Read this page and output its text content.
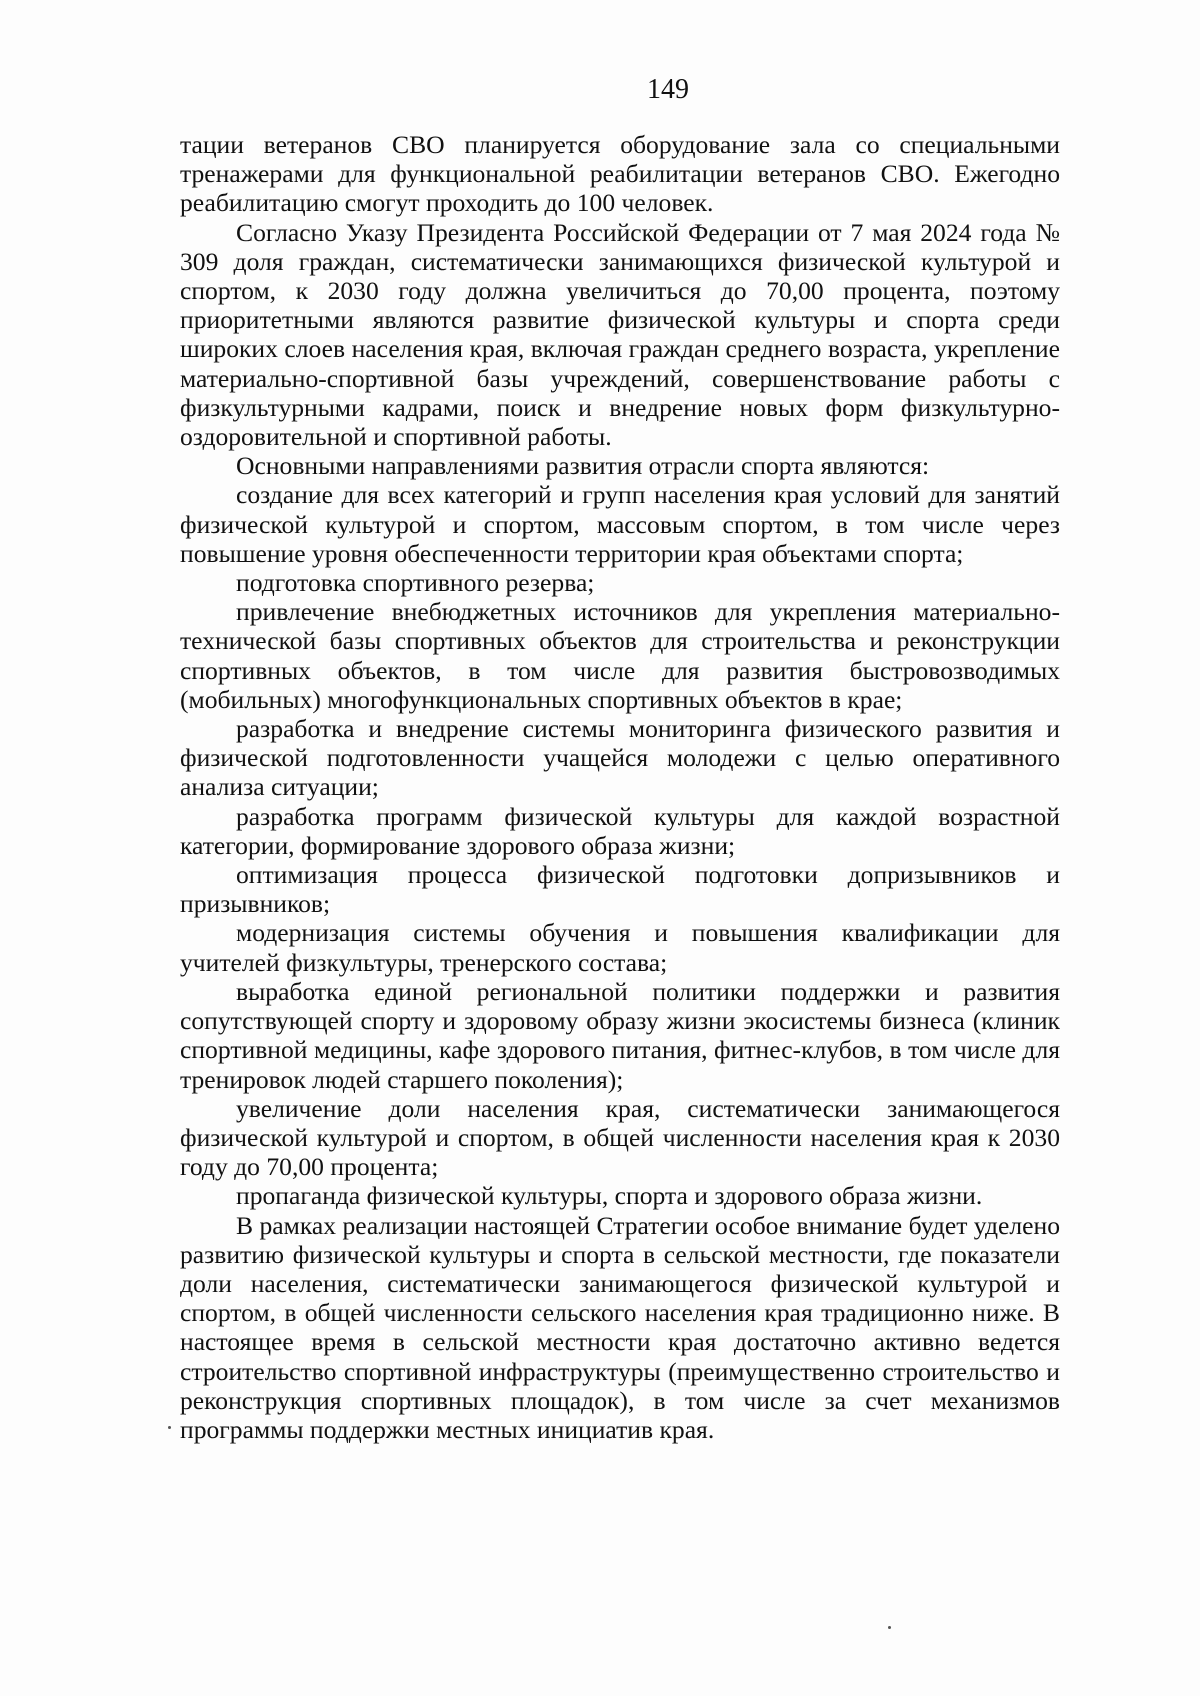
149

тации ветеранов СВО планируется оборудование зала со специальными тренажерами для функциональной реабилитации ветеранов СВО. Ежегодно реабилитацию смогут проходить до 100 человек.

Согласно Указу Президента Российской Федерации от 7 мая 2024 года № 309 доля граждан, систематически занимающихся физической культурой и спортом, к 2030 году должна увеличиться до 70,00 процента, поэтому приоритетными являются развитие физической культуры и спорта среди широких слоев населения края, включая граждан среднего возраста, укрепление материально-спортивной базы учреждений, совершенствование работы с физкультурными кадрами, поиск и внедрение новых форм физкультурно-оздоровительной и спортивной работы.

Основными направлениями развития отрасли спорта являются:

создание для всех категорий и групп населения края условий для занятий физической культурой и спортом, массовым спортом, в том числе через повышение уровня обеспеченности территории края объектами спорта;

подготовка спортивного резерва;

привлечение внебюджетных источников для укрепления материально-технической базы спортивных объектов для строительства и реконструкции спортивных объектов, в том числе для развития быстровозводимых (мобильных) многофункциональных спортивных объектов в крае;

разработка и внедрение системы мониторинга физического развития и физической подготовленности учащейся молодежи с целью оперативного анализа ситуации;

разработка программ физической культуры для каждой возрастной категории, формирование здорового образа жизни;

оптимизация процесса физической подготовки допризывников и призывников;

модернизация системы обучения и повышения квалификации для учителей физкультуры, тренерского состава;

выработка единой региональной политики поддержки и развития сопутствующей спорту и здоровому образу жизни экосистемы бизнеса (клиник спортивной медицины, кафе здорового питания, фитнес-клубов, в том числе для тренировок людей старшего поколения);

увеличение доли населения края, систематически занимающегося физической культурой и спортом, в общей численности населения края к 2030 году до 70,00 процента;

пропаганда физической культуры, спорта и здорового образа жизни.

В рамках реализации настоящей Стратегии особое внимание будет уделено развитию физической культуры и спорта в сельской местности, где показатели доли населения, систематически занимающегося физической культурой и спортом, в общей численности сельского населения края традиционно ниже. В настоящее время в сельской местности края достаточно активно ведется строительство спортивной инфраструктуры (преимущественно строительство и реконструкция спортивных площадок), в том числе за счет механизмов программы поддержки местных инициатив края.
